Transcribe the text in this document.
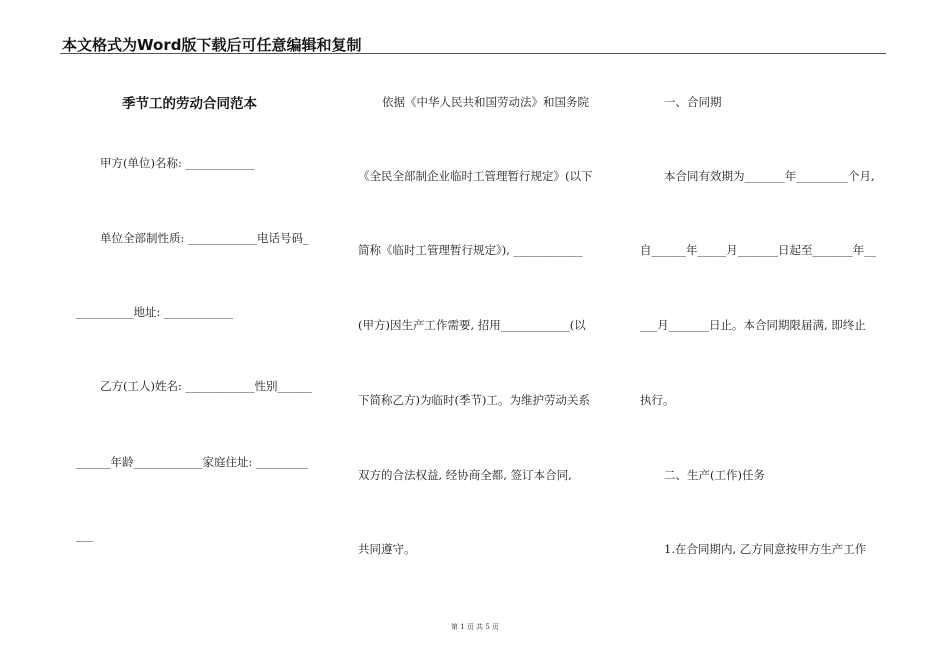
本文格式为Word版下载后可任意编辑和复制
季节工的劳动合同范本
甲方(单位)名称: ____________
单位全部制性质: ____________电话号码_
__________地址: ____________
乙方(工人)姓名: ____________性别______
______年龄____________家庭住址: _________
___
依据《中华人民共和国劳动法》和国务院
《全民全部制企业临时工管理暂行规定》(以下
简称《临时工管理暂行规定》), ____________
(甲方)因生产工作需要, 招用____________(以
下简称乙方)为临时(季节)工。为维护劳动关系
双方的合法权益, 经协商全都, 签订本合同,
共同遵守。
一、合同期
本合同有效期为_______年_________个月,
自______年_____月_______日起至_______年__
___月_______日止。本合同期限届满, 即终止
执行。
二、生产(工作)任务
1.在合同期内, 乙方同意按甲方生产工作
第 1 页 共 5 页
